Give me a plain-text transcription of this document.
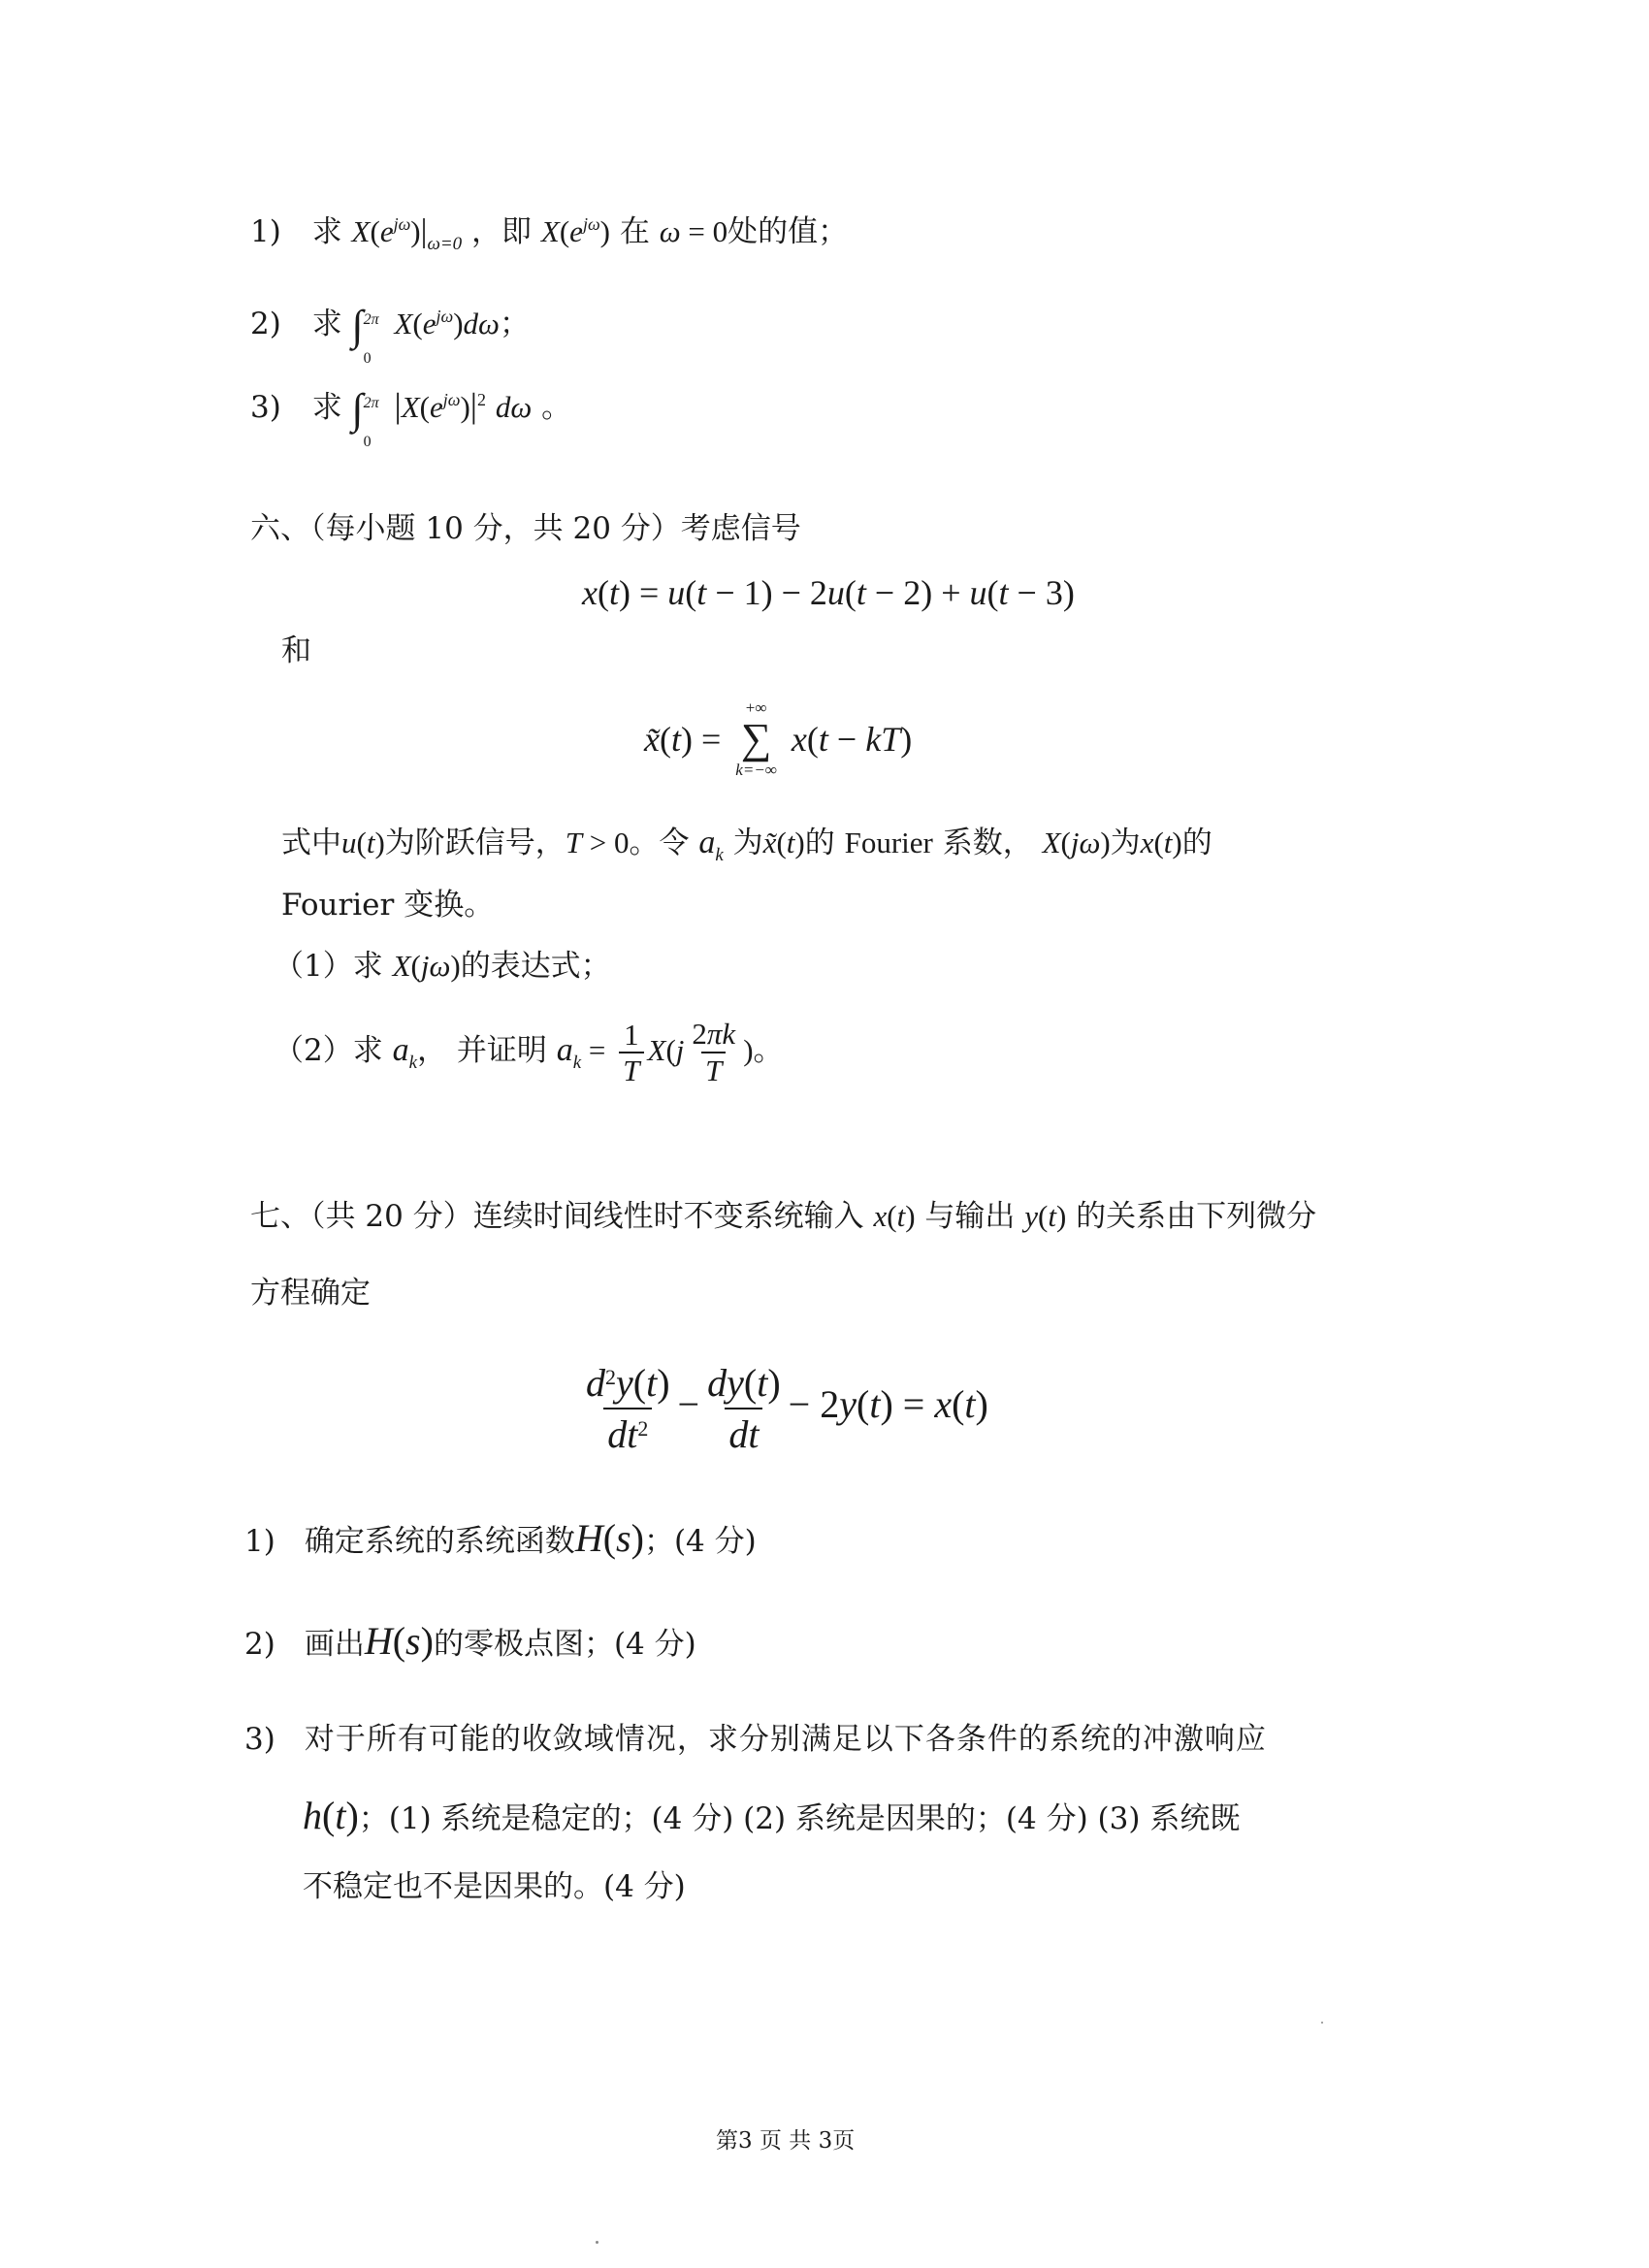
1) 求 $X(e^{j\omega})|_{\omega=0}$ ，即 $X(e^{j\omega})$ 在 ω = 0处的值；
2) 求 ∫ 2π
0
$X(e^{j\omega})d\omega$；
3) 求 ∫ 2π
0
$|X(e^{j\omega})|^2$ dω 。
六、（每小题 10 分，共 20 分）考虑信号
x(t) = u(t − 1) − 2u(t − 2) + u(t − 3)
和
x̃(t) =
+∞
∑
k=−∞
x(t − kT)
式中u(t)为阶跃信号，T > 0。令 $a_k$ 为x̃(t)的 Fourier 系数， X(jω)为x(t)的
Fourier 变换。
（1）求 X(jω)的表达式；
（2）求 $a_k$， 并证明 $a_k = \frac{1}{T} X(j \frac{2\pi k}{T}$ )。
七、（共 20 分）连续时间线性时不变系统输入 x(t) 与输出 y(t) 的关系由下列微分
方程确定
$\frac{d^2y(t)}{dt^2} - \frac{dy(t)}{dt} - 2y(t) = x(t)$
1) 确定系统的系统函数H(s)；(4 分)
2) 画出H(s)的零极点图；(4 分)
3) 对于所有可能的收敛域情况，求分别满足以下各条件的系统的冲激响应
h(t)；(1) 系统是稳定的；(4 分) (2) 系统是因果的；(4 分) (3) 系统既
不稳定也不是因果的。(4 分)
第3 页 共 3页
